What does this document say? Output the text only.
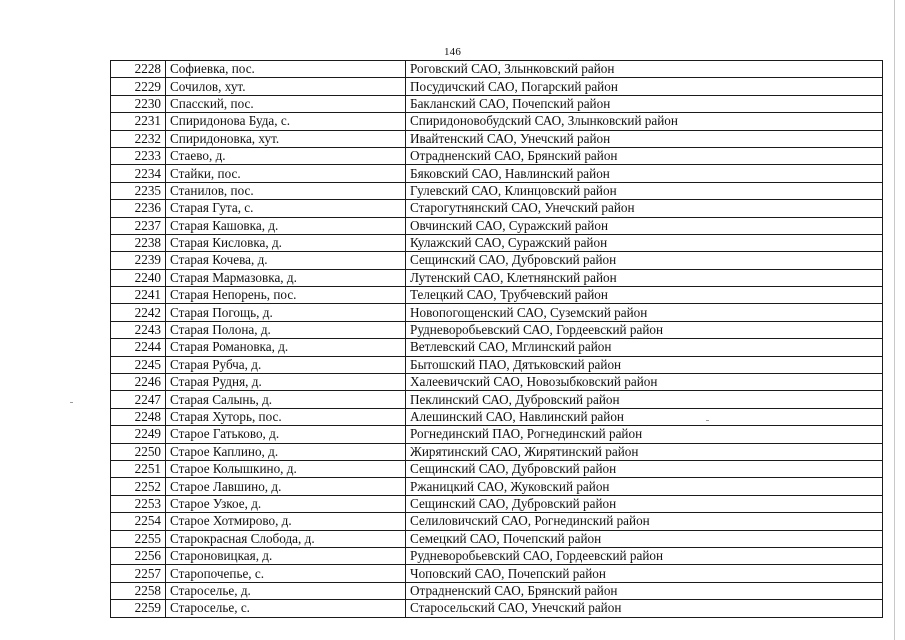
146
2228	Софиевка, пос.	Роговский САО, Злынковский район
2229	Сочилов, хут.	Посудичский САО, Погарский район
2230	Спасский, пос.	Бакланский САО, Почепский район
2231	Спиридонова Буда, с.	Спиридоновобудский САО, Злынковский район
2232	Спиридоновка, хут.	Ивайтенский САО, Унечский район
2233	Стаево, д.	Отрадненский САО, Брянский район
2234	Стайки, пос.	Бяковский САО, Навлинский район
2235	Станилов, пос.	Гулевский САО, Клинцовский район
2236	Старая Гута, с.	Старогутнянский САО, Унечский район
2237	Старая Кашовка, д.	Овчинский САО, Суражский район
2238	Старая Кисловка, д.	Кулажский САО, Суражский район
2239	Старая Кочева, д.	Сещинский САО, Дубровский район
2240	Старая Мармазовка, д.	Лутенский САО, Клетнянский район
2241	Старая Непорень, пос.	Телецкий САО, Трубчевский район
2242	Старая Погощь, д.	Новопогощенский САО, Суземский район
2243	Старая Полона, д.	Рудневоробьевский САО, Гордеевский район
2244	Старая Романовка, д.	Ветлевский САО, Мглинский район
2245	Старая Рубча, д.	Бытошский ПАО, Дятьковский район
2246	Старая Рудня, д.	Халеевичский САО, Новозыбковский район
2247	Старая Салынь, д.	Пеклинский САО, Дубровский район
2248	Старая Хуторь, пос.	Алешинский САО, Навлинский район
2249	Старое Гатьково, д.	Рогнединский ПАО, Рогнединский район
2250	Старое Каплино, д.	Жирятинский САО, Жирятинский район
2251	Старое Колышкино, д.	Сещинский САО, Дубровский район
2252	Старое Лавшино, д.	Ржаницкий САО, Жуковский район
2253	Старое Узкое, д.	Сещинский САО, Дубровский район
2254	Старое Хотмирово, д.	Селиловичский САО, Рогнединский район
2255	Старокрасная Слобода, д.	Семецкий САО, Почепский район
2256	Староновицкая, д.	Рудневоробьевский САО, Гордеевский район
2257	Старопочепье, с.	Чоповский САО, Почепский район
2258	Староселье, д.	Отрадненский САО, Брянский район
2259	Староселье, с.	Старосельский САО, Унечский район
